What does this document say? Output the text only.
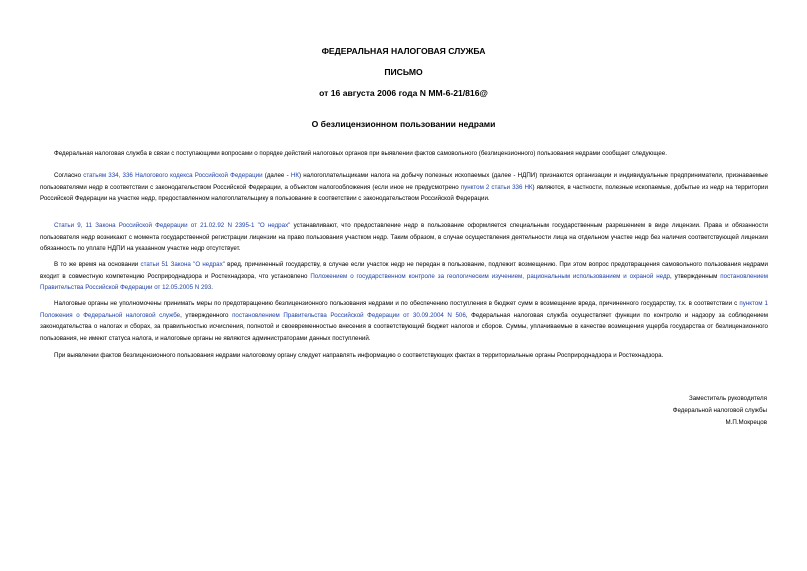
ФЕДЕРАЛЬНАЯ НАЛОГОВАЯ СЛУЖБА
ПИСЬМО
от 16 августа 2006 года N ММ-6-21/816@
О безлицензионном пользовании недрами

Федеральная налоговая служба в связи с поступающими вопросами о порядке действий налоговых органов при выявлении фактов самовольного (безлицензионного) пользования недрами сообщает следующее.

Согласно статьям 334, 336 Налогового кодекса Российской Федерации (далее - НК) налогоплательщиками налога на добычу полезных ископаемых (далее - НДПИ) признаются организации и индивидуальные предприниматели, признаваемые пользователями недр в соответствии с законодательством Российской Федерации, а объектом налогообложения (если иное не предусмотрено пунктом 2 статьи 336 НК) являются, в частности, полезные ископаемые, добытые из недр на территории Российской Федерации на участке недр, предоставленном налогоплательщику в пользование в соответствии с законодательством Российской Федерации.

Статьи 9, 11 Закона Российской Федерации от 21.02.92 N 2395-1 "О недрах" устанавливают, что предоставление недр в пользование оформляется специальным государственным разрешением в виде лицензии. Права и обязанности пользователя недр возникают с момента государственной регистрации лицензии на право пользования участком недр. Таким образом, в случае осуществления деятельности лица на отдельном участке недр без наличия соответствующей лицензии обязанность по уплате НДПИ на указанном участке недр отсутствует.

В то же время на основании статьи 51 Закона "О недрах" вред, причиненный государству, в случае если участок недр не передан в пользование, подлежит возмещению. При этом вопрос предотвращения самовольного пользования недрами входит в совместную компетенцию Росприроднадзора и Ростехнадзора, что установлено Положением о государственном контроле за геологическим изучением, рациональным использованием и охраной недр, утвержденным постановлением Правительства Российской Федерации от 12.05.2005 N 293.

Налоговые органы не уполномочены принимать меры по предотвращению безлицензионного пользования недрами и по обеспечению поступления в бюджет сумм в возмещение вреда, причиненного государству, т.к. в соответствии с пунктом 1 Положения о Федеральной налоговой службе, утвержденного постановлением Правительства Российской Федерации от 30.09.2004 N 506, Федеральная налоговая служба осуществляет функции по контролю и надзору за соблюдением законодательства о налогах и сборах, за правильностью исчисления, полнотой и своевременностью внесения в соответствующий бюджет налогов и сборов. Суммы, уплачиваемые в качестве возмещения ущерба государства от безлицензионного пользования, не имеют статуса налога, и налоговые органы не являются администраторами данных поступлений.

При выявлении фактов безлицензионного пользования недрами налоговому органу следует направлять информацию о соответствующих фактах в территориальные органы Росприроднадзора и Ростехнадзора.

Заместитель руководителя
Федеральной налоговой службы
М.П.Мокрецов
